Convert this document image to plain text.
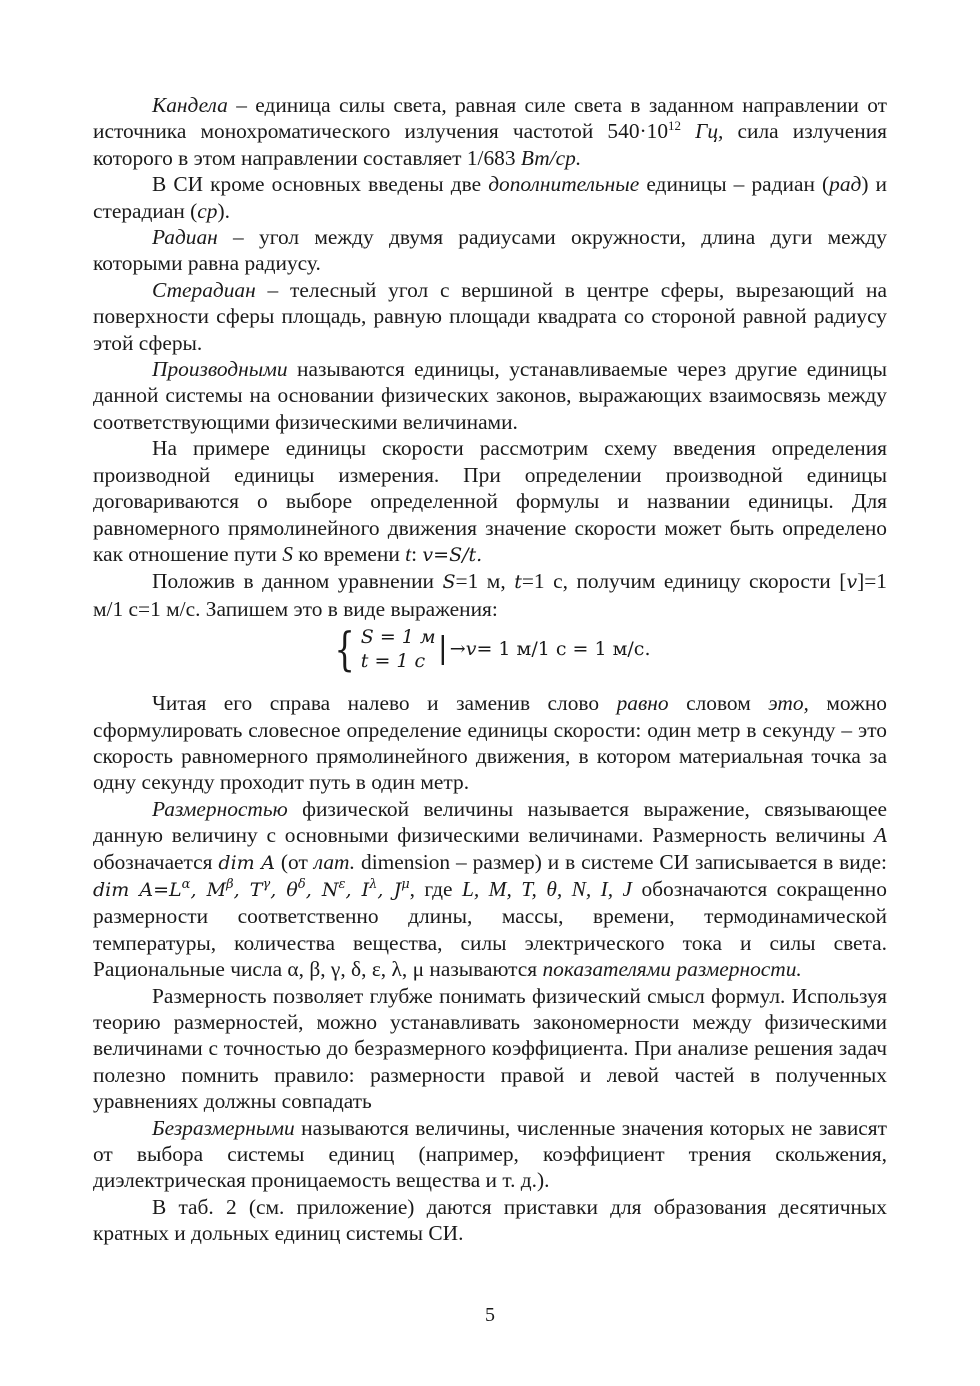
Кандела – единица силы света, равная силе света в заданном направлении от источника монохроматического излучения частотой $540\cdot 10^{12}$ Гц, сила излучения которого в этом направлении составляет 1/683 Вт/ср.

В СИ кроме основных введены две дополнительные единицы – радиан (рад) и стерадиан (ср).

Радиан – угол между двумя радиусами окружности, длина дуги между которыми равна радиусу.

Стерадиан – телесный угол с вершиной в центре сферы, вырезающий на поверхности сферы площадь, равную площади квадрата со стороной равной радиусу этой сферы.

Производными называются единицы, устанавливаемые через другие единицы данной системы на основании физических законов, выражающих взаимосвязь между соответствующими физическими величинами.

На примере единицы скорости рассмотрим схему введения определения производной единицы измерения. При определении производной единицы договариваются о выборе определенной формулы и названии единицы. Для равномерного прямолинейного движения значение скорости может быть определено как отношение пути S ко времени t: v=S/t.

Положив в данном уравнении S=1 м, t=1 с, получим единицу скорости [v]=1 м/1 с=1 м/с. Запишем это в виде выражения:

{ S = 1 м
t = 1 c | → v = 1 м/1 с = 1 м/с.

Читая его справа налево и заменив слово равно словом это, можно сформулировать словесное определение единицы скорости: один метр в секунду – это скорость равномерного прямолинейного движения, в котором материальная точка за одну секунду проходит путь в один метр.

Размерностью физической величины называется выражение, связывающее данную величину с основными физическими величинами. Размерность величины A обозначается dim A (от лат. dimension – размер) и в системе СИ записывается в виде: dim $A=L^\alpha$, $M^\beta$, $T^\gamma$, $\theta^\delta$, $N^\varepsilon$, $I^\lambda$, $J^\mu$, где L, M, T, θ, N, I, J обозначаются сокращенно размерности соответственно длины, массы, времени, термодинамической температуры, количества вещества, силы электрического тока и силы света. Рациональные числа α, β, γ, δ, ε, λ, μ называются показателями размерности.

Размерность позволяет глубже понимать физический смысл формул. Используя теорию размерностей, можно устанавливать закономерности между физическими величинами с точностью до безразмерного коэффициента. При анализе решения задач полезно помнить правило: размерности правой и левой частей в полученных уравнениях должны совпадать

Безразмерными называются величины, численные значения которых не зависят от выбора системы единиц (например, коэффициент трения скольжения, диэлектрическая проницаемость вещества и т. д.).

В таб. 2 (см. приложение) даются приставки для образования десятичных кратных и дольных единиц системы СИ.

5
